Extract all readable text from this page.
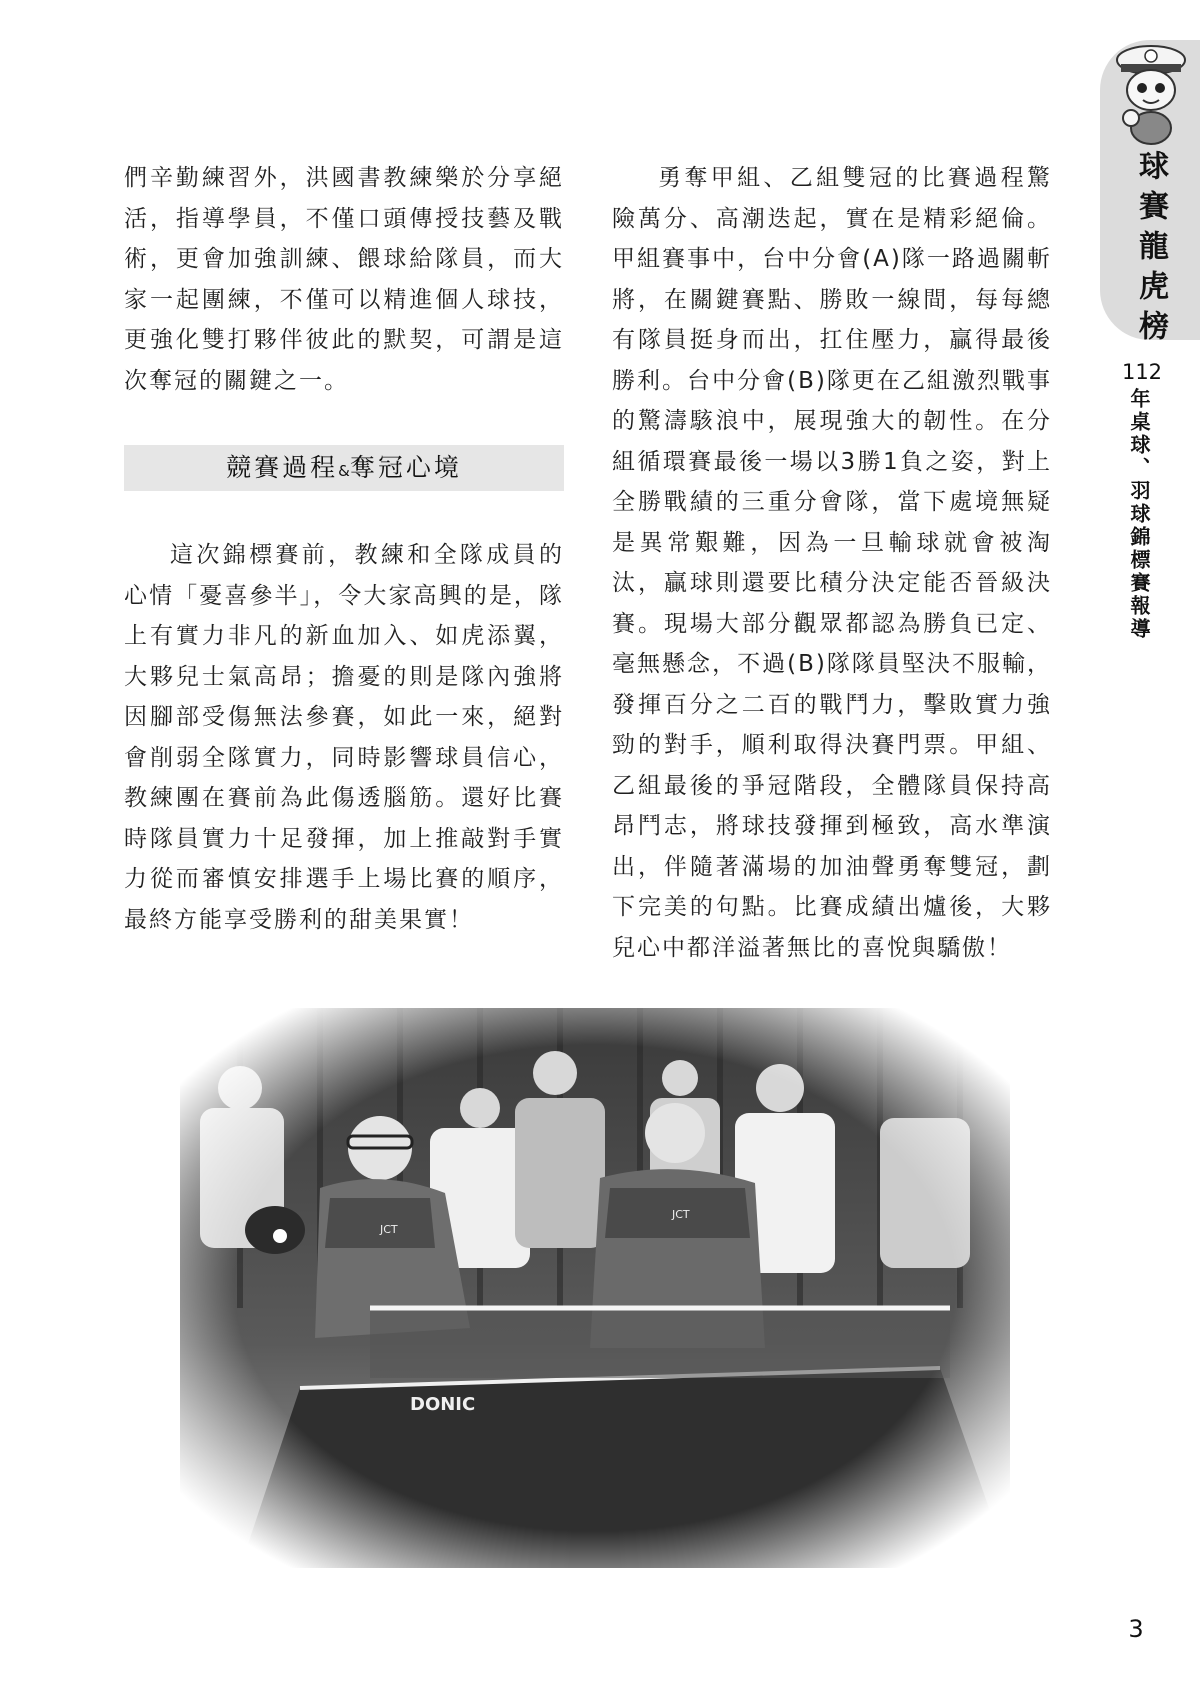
球賽龍虎榜
112
年桌球、羽球錦標賽報導

們辛勤練習外，洪國書教練樂於分享絕活，指導學員，不僅口頭傳授技藝及戰術，更會加強訓練、餵球給隊員，而大家一起團練，不僅可以精進個人球技，更強化雙打夥伴彼此的默契，可謂是這次奪冠的關鍵之一。

競賽過程&奪冠心境

這次錦標賽前，教練和全隊成員的心情「憂喜參半」，令大家高興的是，隊上有實力非凡的新血加入、如虎添翼，大夥兒士氣高昂；擔憂的則是隊內強將因腳部受傷無法參賽，如此一來，絕對會削弱全隊實力，同時影響球員信心，教練團在賽前為此傷透腦筋。還好比賽時隊員實力十足發揮，加上推敲對手實力從而審慎安排選手上場比賽的順序，最終方能享受勝利的甜美果實！

勇奪甲組、乙組雙冠的比賽過程驚險萬分、高潮迭起，實在是精彩絕倫。甲組賽事中，台中分會(A)隊一路過關斬將，在關鍵賽點、勝敗一線間，每每總有隊員挺身而出，扛住壓力，贏得最後勝利。台中分會(B)隊更在乙組激烈戰事的驚濤駭浪中，展現強大的韌性。在分組循環賽最後一場以3勝1負之姿，對上全勝戰績的三重分會隊，當下處境無疑是異常艱難，因為一旦輸球就會被淘汰，贏球則還要比積分決定能否晉級決賽。現場大部分觀眾都認為勝負已定、毫無懸念，不過(B)隊隊員堅決不服輸，發揮百分之二百的戰鬥力，擊敗實力強勁的對手，順利取得決賽門票。甲組、乙組最後的爭冠階段，全體隊員保持高昂鬥志，將球技發揮到極致，高水準演出，伴隨著滿場的加油聲勇奪雙冠，劃下完美的句點。比賽成績出爐後，大夥兒心中都洋溢著無比的喜悅與驕傲！

3
